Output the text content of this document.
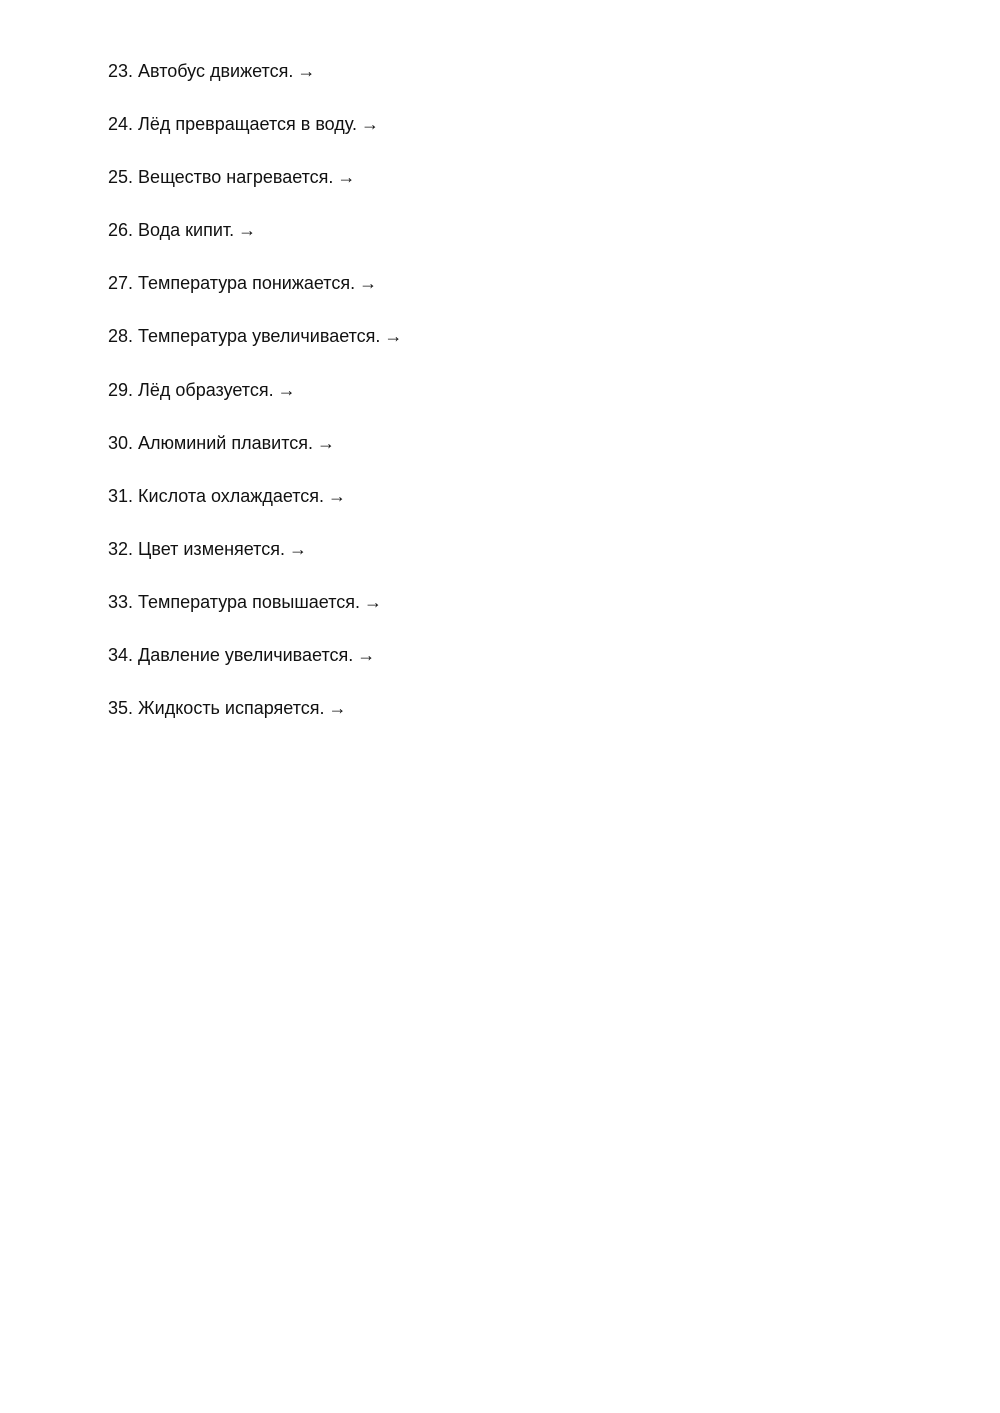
23 . Автобус движется. →
24 . Лёд превращается в воду. →
25 . Вещество нагревается. →
26 . Вода кипит. →
27 . Температура понижается. →
28 . Температура увеличивается. →
29 . Лёд образуется. →
30 . Алюминий плавится. →
31 . Кислота охлаждается. →
32 . Цвет изменяется. →
33 . Температура повышается. →
34 . Давление увеличивается. →
35 . Жидкость испаряется. →
